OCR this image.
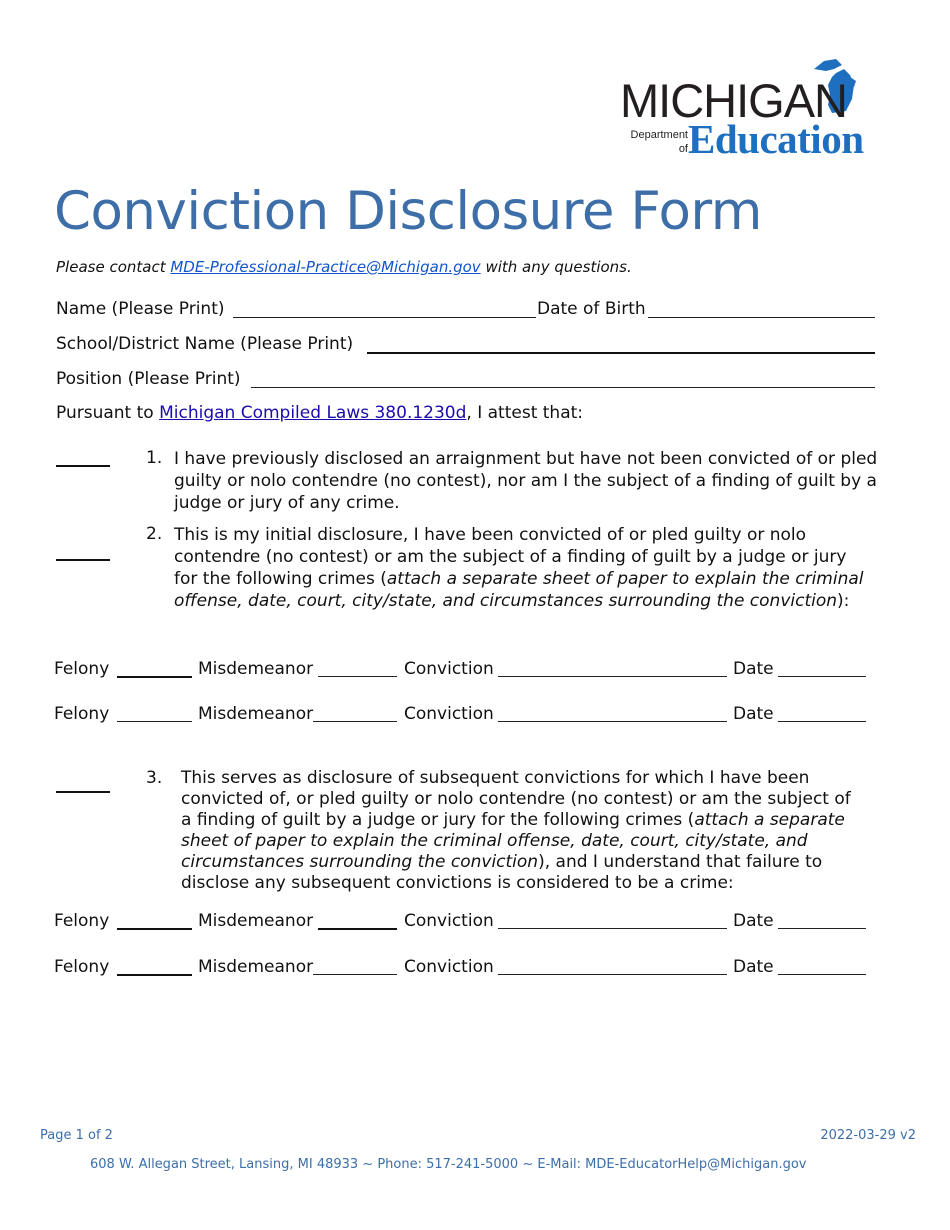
MICHIGAN
Department
of Education
Conviction Disclosure Form
Please contact MDE-Professional-Practice@Michigan.gov with any questions.
Name (Please Print)	Date of Birth
School/District Name (Please Print)
Position (Please Print)
Pursuant to Michigan Compiled Laws 380.1230d, I attest that:
1. I have previously disclosed an arraignment but have not been convicted of or pled guilty or nolo contendre (no contest), nor am I the subject of a finding of guilt by a judge or jury of any crime.
2. This is my initial disclosure, I have been convicted of or pled guilty or nolo contendre (no contest) or am the subject of a finding of guilt by a judge or jury for the following crimes (attach a separate sheet of paper to explain the criminal offense, date, court, city/state, and circumstances surrounding the conviction):
Felony	Misdemeanor	Conviction	Date
Felony	Misdemeanor	Conviction	Date
3. This serves as disclosure of subsequent convictions for which I have been convicted of, or pled guilty or nolo contendre (no contest) or am the subject of a finding of guilt by a judge or jury for the following crimes (attach a separate sheet of paper to explain the criminal offense, date, court, city/state, and circumstances surrounding the conviction), and I understand that failure to disclose any subsequent convictions is considered to be a crime:
Felony	Misdemeanor	Conviction	Date
Felony	Misdemeanor	Conviction	Date
Page 1 of 2	2022-03-29 v2
608 W. Allegan Street, Lansing, MI 48933 ~ Phone: 517-241-5000 ~ E-Mail: MDE-EducatorHelp@Michigan.gov
